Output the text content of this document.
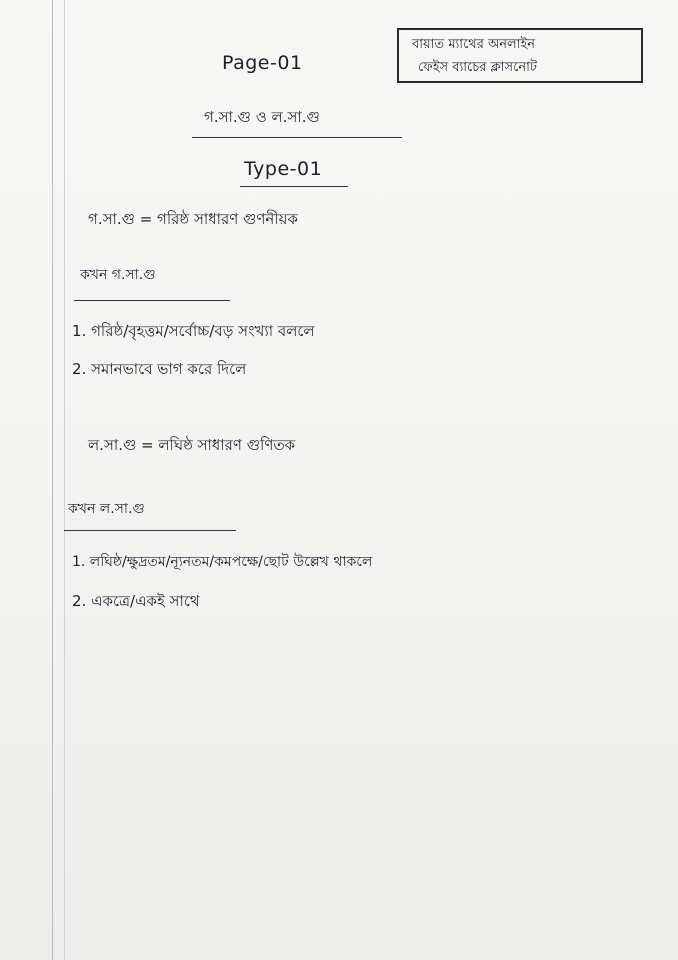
Page-01
বায়াত ম্যাথের অনলাইন
ফেইস ব্যাচের ক্লাসনোট
গ.সা.গু ও ল.সা.গু
Type-01
গ.সা.গু = গরিষ্ঠ সাধারণ গুণনীয়ক
কখন গ.সা.গু
1. গরিষ্ঠ/বৃহত্তম/সর্বোচ্চ/বড় সংখ্যা বললে
2. সমানভাবে ভাগ করে দিলে
ল.সা.গু = লঘিষ্ঠ সাধারণ গুণিতক
কখন ল.সা.গু
1. লঘিষ্ঠ/ক্ষুদ্রতম/ন্যূনতম/কমপক্ষে/ছোট উল্লেখ থাকলে
2. একত্রে/একই সাথে
